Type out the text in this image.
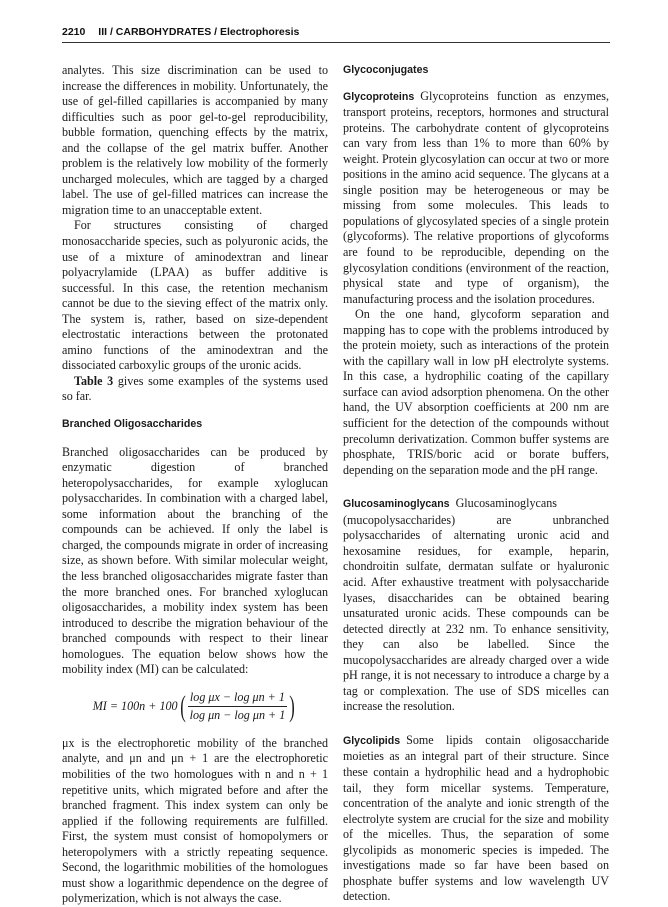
2210 III / CARBOHYDRATES / Electrophoresis

analytes. This size discrimination can be used to increase the differences in mobility. Unfortunately, the use of gel-filled capillaries is accompanied by many difficulties such as poor gel-to-gel reproducibility, bubble formation, quenching effects by the matrix, and the collapse of the gel matrix buffer. Another problem is the relatively low mobility of the formerly uncharged molecules, which are tagged by a charged label. The use of gel-filled matrices can increase the migration time to an unacceptable extent.

For structures consisting of charged monosaccharide species, such as polyuronic acids, the use of a mixture of aminodextran and linear polyacrylamide (LPAA) as buffer additive is successful. In this case, the retention mechanism cannot be due to the sieving effect of the matrix only. The system is, rather, based on size-dependent electrostatic interactions between the protonated amino functions of the aminodextran and the dissociated carboxylic groups of the uronic acids.

Table 3 gives some examples of the systems used so far.

Branched Oligosaccharides

Branched oligosaccharides can be produced by enzymatic digestion of branched heteropolysaccharides, for example xyloglucan polysaccharides. In combination with a charged label, some information about the branching of the compounds can be achieved. If only the label is charged, the compounds migrate in order of increasing size, as shown before. With similar molecular weight, the less branched oligosaccharides migrate faster than the more branched ones. For branched xyloglucan oligosaccharides, a mobility index system has been introduced to describe the migration behaviour of the branched compounds with respect to their linear homologues. The equation below shows how the mobility index (MI) can be calculated:

MI = 100n + 100 ( $\frac{\text{log μx − log μn + 1}}{\text{log μn − log μn + 1}}$ )

μx is the electrophoretic mobility of the branched analyte, and μn and μn + 1 are the electrophoretic mobilities of the two homologues with n and n + 1 repetitive units, which migrated before and after the branched fragment. This index system can only be applied if the following requirements are fulfilled. First, the system must consist of homopolymers or heteropolymers with a strictly repeating sequence. Second, the logarithmic mobilities of the homologues must show a logarithmic dependence on the degree of polymerization, which is not always the case.

Glycoconjugates

Glycoproteins Glycoproteins function as enzymes, transport proteins, receptors, hormones and structural proteins. The carbohydrate content of glycoproteins can vary from less than 1% to more than 60% by weight. Protein glycosylation can occur at two or more positions in the amino acid sequence. The glycans at a single position may be heterogeneous or may be missing from some molecules. This leads to populations of glycosylated species of a single protein (glycoforms). The relative proportions of glycoforms are found to be reproducible, depending on the glycosylation conditions (environment of the reaction, physical state and type of organism), the manufacturing process and the isolation procedures.

On the one hand, glycoform separation and mapping has to cope with the problems introduced by the protein moiety, such as interactions of the protein with the capillary wall in low pH electrolyte systems. In this case, a hydrophilic coating of the capillary surface can aviod adsorption phenomena. On the other hand, the UV absorption coefficients at 200 nm are sufficient for the detection of the compounds without precolumn derivatization. Common buffer systems are phosphate, TRIS/boric acid or borate buffers, depending on the separation mode and the pH range.

Glucosaminoglycans Glucosaminoglycans (mucopolysaccharides) are unbranched polysaccharides of alternating uronic acid and hexosamine residues, for example, heparin, chondroitin sulfate, dermatan sulfate or hyaluronic acid. After exhaustive treatment with polysaccharide lyases, disaccharides can be obtained bearing unsaturated uronic acids. These compounds can be detected directly at 232 nm. To enhance sensitivity, they can also be labelled. Since the mucopolysaccharides are already charged over a wide pH range, it is not necessary to introduce a charge by a tag or complexation. The use of SDS micelles can increase the resolution.

Glycolipids Some lipids contain oligosaccharide moieties as an integral part of their structure. Since these contain a hydrophilic head and a hydrophobic tail, they form micellar systems. Temperature, concentration of the analyte and ionic strength of the electrolyte system are crucial for the size and mobility of the micelles. Thus, the separation of some glycolipids as monomeric species is impeded. The investigations made so far have been based on phosphate buffer systems and low wavelength UV detection.
